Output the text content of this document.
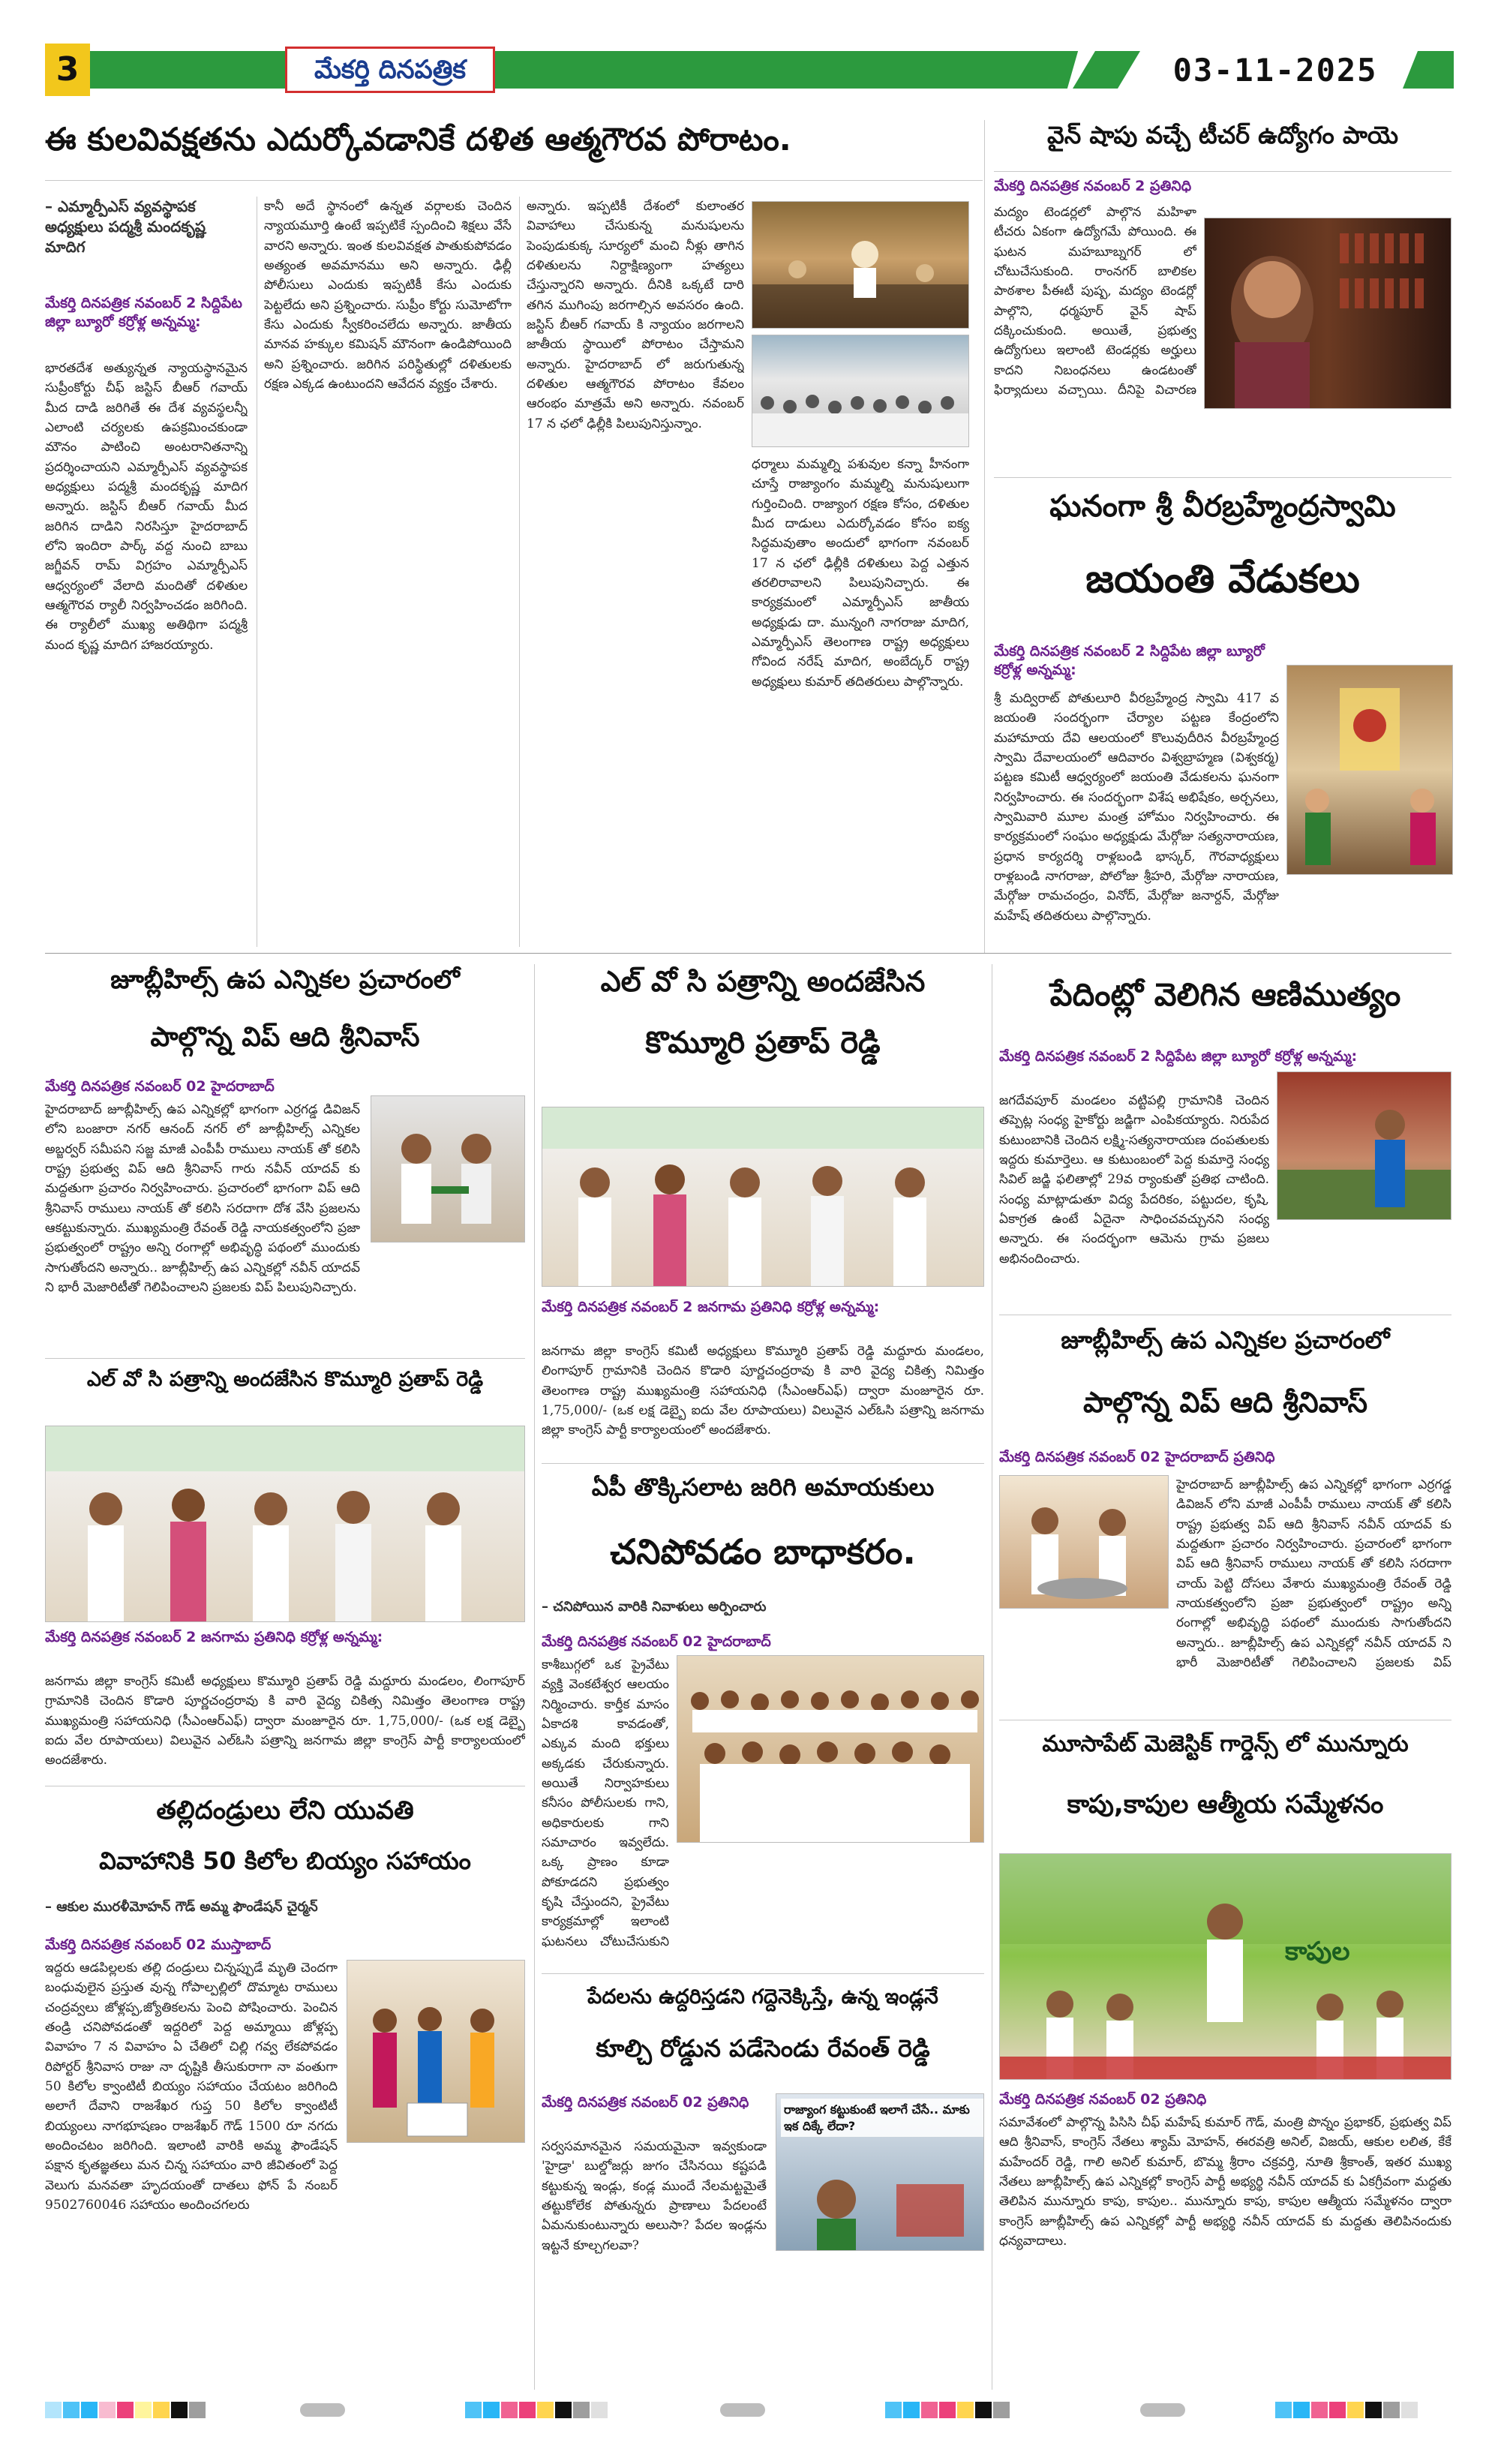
3	మేకర్తి దినపత్రిక	03-11-2025
ఈ కులవివక్షతను ఎదుర్కోవడానికే దళిత ఆత్మగౌరవ పోరాటం.
– ఎమ్మార్పీఎస్ వ్యవస్థాపక అధ్యక్షులు పద్మశ్రీ మందకృష్ణ మాదిగ
మేకర్తి దినపత్రిక నవంబర్ 2 సిద్దిపేట జిల్లా బ్యూరో కర్రోళ్ల అన్నమ్మ:
భారతదేశ అత్యున్నత న్యాయస్థానమైన సుప్రీంకోర్టు చీఫ్ జస్టిస్ బీఆర్ గవాయ్ మీద దాడి జరిగితే ఈ దేశ వ్యవస్థలన్నీ ఎలాంటి చర్యలకు ఉపక్రమించకుండా మౌనం పాటించి అంటరానితనాన్ని ప్రదర్శించాయని ఎమ్మార్పీఎస్ వ్యవస్థాపక అధ్యక్షులు పద్మశ్రీ మందకృష్ణ మాదిగ అన్నారు. జస్టిస్ బీఆర్ గవాయ్ మీద జరిగిన దాడిని నిరసిస్తూ హైదరాబాద్ లోని ఇందిరా పార్క్ వద్ద నుంచి బాబు జగ్జీవన్ రామ్ విగ్రహం ఎమ్మార్పీఎస్ ఆధ్వర్యంలో వేలాది మందితో దళితుల ఆత్మగౌరవ ర్యాలీ నిర్వహించడం జరిగింది. ఈ ర్యాలీలో ముఖ్య అతిథిగా పద్మశ్రీ మంద కృష్ణ మాదిగ హాజరయ్యారు.
కానీ అదే స్థానంలో ఉన్నత వర్గాలకు చెందిన న్యాయమూర్తి ఉంటే ఇప్పటికే స్పందించి శిక్షలు వేసే వారని అన్నారు. ఇంత కులవివక్షత పాతుకుపోవడం అత్యంత అవమానము అని అన్నారు. ఢిల్లీ పోలీసులు ఎందుకు ఇప్పటికీ కేసు ఎందుకు పెట్టలేదు అని ప్రశ్నించారు. సుప్రీం కోర్టు సుమోటోగా కేసు ఎందుకు స్వీకరించలేదు అన్నారు. జాతీయ మానవ హక్కుల కమిషన్ మౌనంగా ఉండిపోయింది అని ప్రశ్నించారు. జరిగిన పరిస్థితుల్లో దళితులకు రక్షణ ఎక్కడ ఉంటుందని ఆవేదన వ్యక్తం చేశారు.
అన్నారు. ఇప్పటికీ దేశంలో కులాంతర వివాహాలు చేసుకున్న మనుషులను పెంపుడుకుక్క సూర్యలో మంచి నీళ్లు తాగిన దళితులను నిర్దాక్షిణ్యంగా హత్యలు చేస్తున్నారని అన్నారు. దీనికి ఒక్కటే దారి తగిన ముగింపు జరగాల్సిన అవసరం ఉంది. జస్టిస్ బీఆర్ గవాయ్ కి న్యాయం జరగాలని జాతీయ స్థాయిలో పోరాటం చేస్తామని అన్నారు. హైదరాబాద్ లో జరుగుతున్న దళితుల ఆత్మగౌరవ పోరాటం కేవలం ఆరంభం మాత్రమే అని అన్నారు. నవంబర్ 17 న ఛలో ఢిల్లీకి పిలుపునిస్తున్నాం.
ధర్మాలు మమ్మల్ని పశువుల కన్నా హీనంగా చూస్తే రాజ్యాంగం మమ్మల్ని మనుషులుగా గుర్తించింది. రాజ్యాంగ రక్షణ కోసం, దళితుల మీద దాడులు ఎదుర్కోవడం కోసం ఐక్య సిద్ధమవుతాం అందులో భాగంగా నవంబర్ 17 న ఛలో ఢిల్లీకి దళితులు పెద్ద ఎత్తున తరలిరావాలని పిలుపునిచ్చారు. ఈ కార్యక్రమంలో ఎమ్మార్పీఎస్ జాతీయ అధ్యక్షుడు దా. మున్నంగి నాగరాజు మాదిగ, ఎమ్మార్పీఎస్ తెలంగాణ రాష్ట్ర అధ్యక్షులు గోవింద నరేష్ మాదిగ, అంబేద్కర్ రాష్ట్ర అధ్యక్షులు కుమార్ తదితరులు పాల్గొన్నారు.
వైన్ షాపు వచ్చే టీచర్ ఉద్యోగం పాయె
మేకర్తి దినపత్రిక నవంబర్ 2 ప్రతినిధి
మద్యం టెండర్లలో పాల్గొన మహిళా టీచరు ఏకంగా ఉద్యోగమే పోయింది. ఈ ఘటన మహబూబ్నగర్ లో చోటుచేసుకుంది. రాంనగర్ బాలికల పాఠశాల పీఈటీ పుష్ప, మద్యం టెండర్లో పాల్గొని, ధర్మపూర్ వైన్ షాప్ దక్కించుకుంది. అయితే, ప్రభుత్వ ఉద్యోగులు ఇలాంటి టెండర్లకు అర్హులు కాదని నిబంధనలు ఉండటంతో ఫిర్యాదులు వచ్చాయి. దీనిపై విచారణ
ఘనంగా శ్రీ వీరబ్రహ్మేంద్రస్వామి
జయంతి వేడుకలు
మేకర్తి దినపత్రిక నవంబర్ 2 సిద్దిపేట జిల్లా బ్యూరో కర్రోళ్ల అన్నమ్మ:
శ్రీ మద్విరాట్ పోతులూరి వీరబ్రహ్మేంద్ర స్వామి 417 వ జయంతి సందర్భంగా చేర్యాల పట్టణ కేంద్రంలోని మహామాయ దేవి ఆలయంలో కొలువుదీరిన వీరబ్రహ్మేంద్ర స్వామి దేవాలయంలో ఆదివారం విశ్వబ్రాహ్మణ (విశ్వకర్మ) పట్టణ కమిటీ ఆధ్వర్యంలో జయంతి వేడుకలను ఘనంగా నిర్వహించారు. ఈ సందర్భంగా విశేష అభిషేకం, అర్చనలు, స్వామివారి మూల మంత్ర హోమం నిర్వహించారు. ఈ కార్యక్రమంలో సంఘం అధ్యక్షుడు మేర్గోజు సత్యనారాయణ, ప్రధాన కార్యదర్శి రాళ్లబండి భాస్కర్, గౌరవాధ్యక్షులు రాళ్లబండి నాగరాజు, పోలోజు శ్రీహరి, మేర్గోజు నారాయణ, మేర్గోజు రామచంద్రం, వినోద్, మేర్గోజు జనార్దన్, మేర్గోజు మహేష్ తదితరులు పాల్గొన్నారు.
జూబ్లీహిల్స్ ఉప ఎన్నికల ప్రచారంలో
పాల్గొన్న విప్ ఆది శ్రీనివాస్
మేకర్తి దినపత్రిక నవంబర్ 02 హైదరాబాద్
హైదరాబాద్ జూబ్లీహిల్స్ ఉప ఎన్నికల్లో భాగంగా ఎర్రగడ్డ డివిజన్ లోని బంజారా నగర్ ఆనంద్ నగర్ లో జూబ్లీహిల్స్ ఎన్నికల అబ్జర్వర్ సమీపని సజ్జ మాజీ ఎంపీపీ రాములు నాయక్ తో కలిసి రాష్ట్ర ప్రభుత్వ విప్ ఆది శ్రీనివాస్ గారు నవీన్ యాదవ్ కు మద్దతుగా ప్రచారం నిర్వహించారు. ప్రచారంలో భాగంగా విప్ ఆది శ్రీనివాస్ రాములు నాయక్ తో కలిసి సరదాగా దోశ వేసి ప్రజలను ఆకట్టుకున్నారు. ముఖ్యమంత్రి రేవంత్ రెడ్డి నాయకత్వంలోని ప్రజా ప్రభుత్వంలో రాష్ట్రం అన్ని రంగాల్లో అభివృద్ధి పథంలో ముందుకు సాగుతోందని అన్నారు.. జూబ్లీహిల్స్ ఉప ఎన్నికల్లో నవీన్ యాదవ్ ని భారీ మెజారిటీతో గెలిపించాలని ప్రజలకు విప్ పిలుపునిచ్చారు.
ఎల్ వో సి పత్రాన్ని అందజేసిన కొమ్మూరి ప్రతాప్ రెడ్డి
మేకర్తి దినపత్రిక నవంబర్ 2 జనగామ ప్రతినిధి కర్రోళ్ల అన్నమ్మ:
జనగామ జిల్లా కాంగ్రెస్ కమిటీ అధ్యక్షులు కొమ్మూరి ప్రతాప్ రెడ్డి మద్దూరు మండలం, లింగాపూర్ గ్రామానికి చెందిన కొడారి పూర్ణచంద్రరావు కి వారి వైద్య చికిత్స నిమిత్తం తెలంగాణ రాష్ట్ర ముఖ్యమంత్రి సహాయనిధి (సీఎంఆర్ఎఫ్) ద్వారా మంజూరైన రూ. 1,75,000/- (ఒక లక్ష డెబ్బై ఐదు వేల రూపాయలు) విలువైన ఎల్ఓసి పత్రాన్ని జనగామ జిల్లా కాంగ్రెస్ పార్టీ కార్యాలయంలో అందజేశారు.
తల్లిదండ్రులు లేని యువతి
వివాహానికి 50 కిలోల బియ్యం సహాయం
– ఆకుల మురళీమోహన్ గౌడ్ అమ్మ ఫౌండేషన్ చైర్మన్
మేకర్తి దినపత్రిక నవంబర్ 02 ముస్తాబాద్
ఇద్దరు ఆడపిల్లలకు తల్లి దండ్రులు చిన్నప్పుడే మృతి చెందగా బంధువులైన ప్రస్తుత వున్న గోపాల్పల్లిలో దొమ్మాట రాములు చంద్రవ్వలు జోళ్లప్ప,జ్యోతికలను పెంచి పోషించారు. పెంచిన తండ్రి చనిపోవడంతో ఇద్దరిలో పెద్ద అమ్మాయి జోళ్లప్ప వివాహం 7 న వివాహం ఏ చేతిలో చిల్లి గవ్వ లేకపోవడం రిపోర్టర్ శ్రీనివాస రాజు నా దృష్టికి తీసుకురాగా నా వంతుగా 50 కిలోల క్వాంటిటీ బియ్యం సహాయం చేయటం జరిగింది అలాగే దేవాని రాజశేఖర గుప్త 50 కిలోల క్వాంటిటీ బియ్యంలు నాగభూషణం రాజశేఖర్ గౌడ్ 1500 రూ నగదు అందించటం జరిగింది. ఇలాంటి వారికి అమ్మ ఫౌండేషన్ పక్షాన కృతజ్ఞతలు మన చిన్న సహాయం వారి జీవితంలో పెద్ద వెలుగు మనవతా హృదయంతో దాతలు ఫోన్ పే నంబర్ 9502760046 సహాయం అందించగలరు
ఎల్ వో సి పత్రాన్ని అందజేసిన
కొమ్మూరి ప్రతాప్ రెడ్డి
మేకర్తి దినపత్రిక నవంబర్ 2 జనగామ ప్రతినిధి కర్రోళ్ల అన్నమ్మ:
జనగామ జిల్లా కాంగ్రెస్ కమిటీ అధ్యక్షులు కొమ్మూరి ప్రతాప్ రెడ్డి మద్దూరు మండలం, లింగాపూర్ గ్రామానికి చెందిన కొడారి పూర్ణచంద్రరావు కి వారి వైద్య చికిత్స నిమిత్తం తెలంగాణ రాష్ట్ర ముఖ్యమంత్రి సహాయనిధి (సీఎంఆర్ఎఫ్) ద్వారా మంజూరైన రూ. 1,75,000/- (ఒక లక్ష డెబ్బై ఐదు వేల రూపాయలు) విలువైన ఎల్ఓసి పత్రాన్ని జనగామ జిల్లా కాంగ్రెస్ పార్టీ కార్యాలయంలో అందజేశారు.
ఏపీ తొక్కిసలాట జరిగి అమాయకులు
చనిపోవడం బాధాకరం.
– చనిపోయిన వారికి నివాళులు అర్పించారు
మేకర్తి దినపత్రిక నవంబర్ 02 హైదరాబాద్
కాశీబుగ్గలో ఒక ప్రైవేటు వ్యక్తి వెంకటేశ్వర ఆలయం నిర్మించారు. కార్తీక మాసం ఏకాదశి కావడంతో, ఎక్కువ మంది భక్తులు అక్కడకు చేరుకున్నారు. అయితే నిర్వాహకులు కనీసం పోలీసులకు గాని, అధికారులకు గాని సమాచారం ఇవ్వలేదు. ఒక్క ప్రాణం కూడా పోకూడదని ప్రభుత్వం కృషి చేస్తుందని, ప్రైవేటు కార్యక్రమాల్లో ఇలాంటి ఘటనలు చోటుచేసుకుని
పేదలను ఉద్దరిస్తడని గద్దెనెక్కిస్తే, ఉన్న ఇండ్లనే
కూల్చి రోడ్డున పడేసెండు రేవంత్ రెడ్డి
మేకర్తి దినపత్రిక నవంబర్ 02 ప్రతినిధి
సర్వసమానమైన సమయమైనా ఇవ్వకుండా 'హైడ్రా' బుల్డోజర్లు జుగం చేసినయి కష్టపడి కట్టుకున్న ఇండ్లు, కండ్ల ముందే నేలమట్టమైతే తట్టుకోలేక పోతున్నరు ప్రాణాలు పేదలంటే ఏమనుకుంటున్నారు అలుసా? పేదల ఇండ్లను ఇట్టనే కూల్చగలవా?
రాజ్యాంగ కట్టుకుంటే ఇలాగే చేసే.. మాకు ఇక దిక్కే లేదా?
పేదింట్లో వెలిగిన ఆణిముత్యం
మేకర్తి దినపత్రిక నవంబర్ 2 సిద్దిపేట జిల్లా బ్యూరో కర్రోళ్ల అన్నమ్మ:
జగదేవపూర్ మండలం వట్టిపల్లి గ్రామానికి చెందిన తప్పెట్ల సంధ్య హైకోర్టు జడ్జిగా ఎంపికయ్యారు. నిరుపేద కుటుంబానికి చెందిన లక్ష్మి-సత్యనారాయణ దంపతులకు ఇద్దరు కుమార్తెలు. ఆ కుటుంబంలో పెద్ద కుమార్తె సంధ్య సివిల్ జడ్జి ఫలితాల్లో 29వ ర్యాంకుతో ప్రతిభ చాటింది. సంధ్య మాట్లాడుతూ విద్య పేదరికం, పట్టుదల, కృషి, ఏకాగ్రత ఉంటే ఏదైనా సాధించవచ్చునని సంధ్య అన్నారు. ఈ సందర్భంగా ఆమెను గ్రామ ప్రజలు అభినందించారు.
జూబ్లీహిల్స్ ఉప ఎన్నికల ప్రచారంలో
పాల్గొన్న విప్ ఆది శ్రీనివాస్
మేకర్తి దినపత్రిక నవంబర్ 02 హైదరాబాద్ ప్రతినిధి
హైదరాబాద్ జూబ్లీహిల్స్ ఉప ఎన్నికల్లో భాగంగా ఎర్రగడ్డ డివిజన్ లోని మాజీ ఎంపీపీ రాములు నాయక్ తో కలిసి రాష్ట్ర ప్రభుత్వ విప్ ఆది శ్రీనివాస్ నవీన్ యాదవ్ కు మద్దతుగా ప్రచారం నిర్వహించారు. ప్రచారంలో భాగంగా విప్ ఆది శ్రీనివాస్ రాములు నాయక్ తో కలిసి సరదాగా చాయ్ పెట్టి దోసలు వేశారు ముఖ్యమంత్రి రేవంత్ రెడ్డి నాయకత్వంలోని ప్రజా ప్రభుత్వంలో రాష్ట్రం అన్ని రంగాల్లో అభివృద్ధి పథంలో ముందుకు సాగుతోందని అన్నారు.. జూబ్లీహిల్స్ ఉప ఎన్నికల్లో నవీన్ యాదవ్ ని భారీ మెజారిటీతో గెలిపించాలని ప్రజలకు విప్
మూసాపేట్ మెజెస్టిక్ గార్డెన్స్ లో మున్నూరు
కాపు,కాపుల ఆత్మీయ సమ్మేళనం
కాపుల
మేకర్తి దినపత్రిక నవంబర్ 02 ప్రతినిధి
సమావేశంలో పాల్గొన్న పిసిసి చీఫ్ మహేష్ కుమార్ గౌడ్, మంత్రి పొన్నం ప్రభాకర్, ప్రభుత్వ విప్ ఆది శ్రీనివాస్, కాంగ్రెస్ నేతలు శ్యామ్ మోహన్, ఈరవత్రి అనిల్, విజయ్, ఆకుల లలిత, కేకే మహేందర్ రెడ్డి, గాలి అనిల్ కుమార్, బొమ్మ శ్రీరాం చక్రవర్తి, నూతి శ్రీకాంత్, ఇతర ముఖ్య నేతలు జూబ్లీహిల్స్ ఉప ఎన్నికల్లో కాంగ్రెస్ పార్టీ అభ్యర్థి నవీన్ యాదవ్ కు ఏకగ్రీవంగా మద్దతు తెలిపిన మున్నూరు కాపు, కాపుల.. మున్నూరు కాపు, కాపుల ఆత్మీయ సమ్మేళనం ద్వారా కాంగ్రెస్ జూబ్లీహిల్స్ ఉప ఎన్నికల్లో పార్టీ అభ్యర్థి నవీన్ యాదవ్ కు మద్దతు తెలిపినందుకు ధన్యవాదాలు.
